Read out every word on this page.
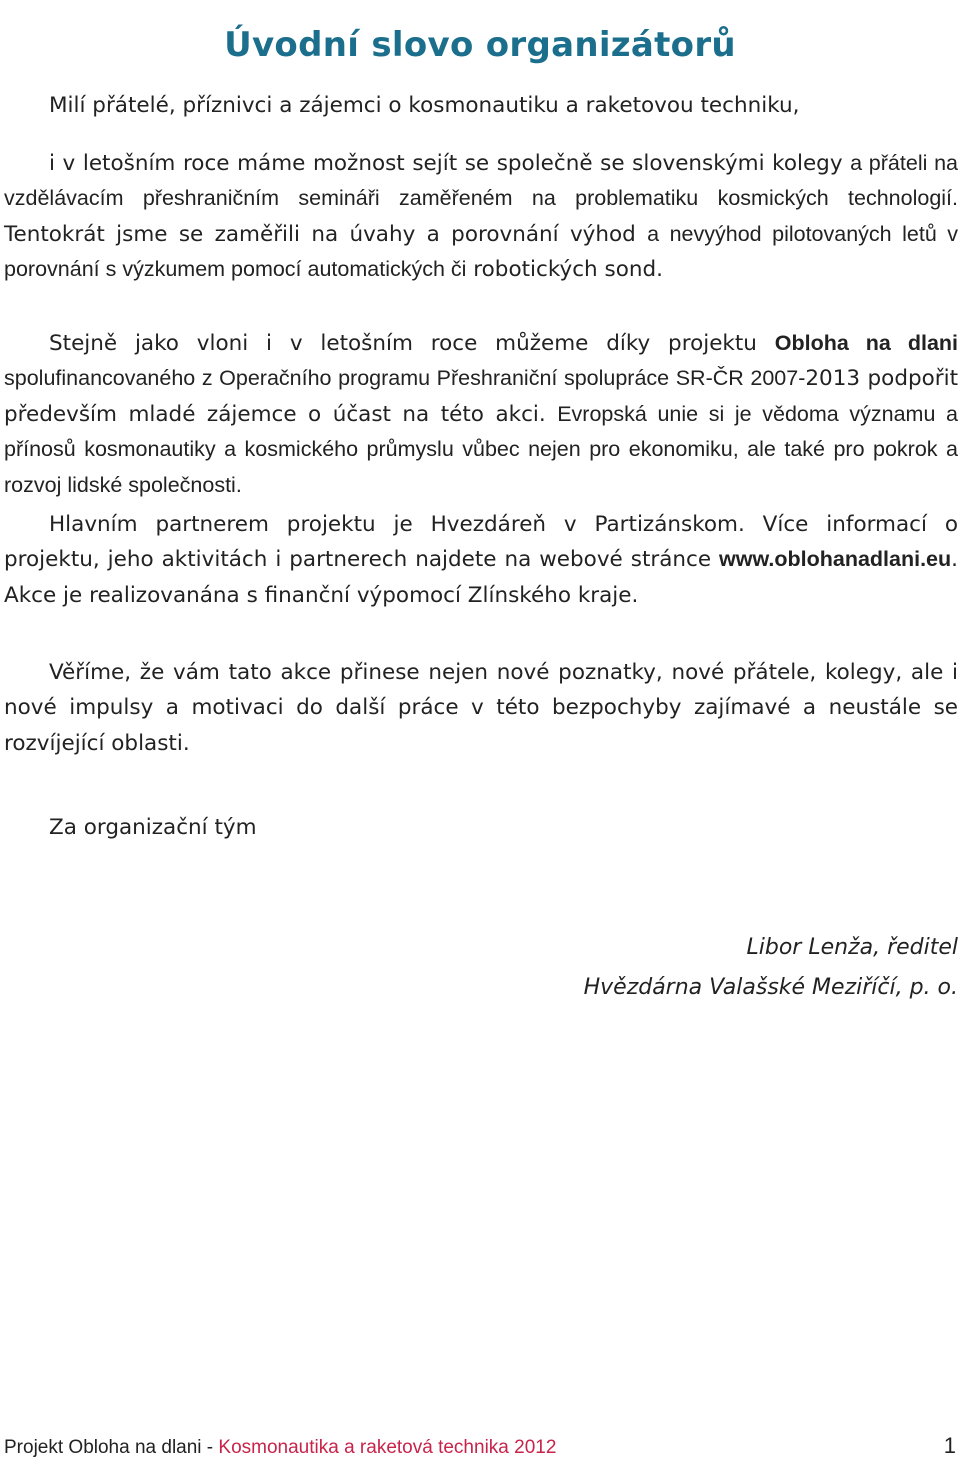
Úvodní slovo organizátorů
Milí přátelé, příznivci a zájemci o kosmonautiku a raketovou techniku,

i v letošním roce máme možnost sejít se společně se slovenskými kolegy a přáteli na vzdělávacím přeshraničním semináři zaměřeném na problematiku kosmických technologií. Tentokrát jsme se zaměřili na úvahy a porovnání výhod a nevyýhod pilotovaných letů v porovnání s výzkumem pomocí automatických či robotických sond.

Stejně jako vloni i v letošním roce můžeme díky projektu Obloha na dlani spolufinancovaného z Operačního programu Přeshraniční spolupráce SR-ČR 2007-2013 podpořit především mladé zájemce o účast na této akci. Evropská unie si je vědoma významu a přínosů kosmonautiky a kosmického průmyslu vůbec nejen pro ekonomiku, ale také pro pokrok a rozvoj lidské společnosti.

Hlavním partnerem projektu je Hvezdáreň v Partizánskom. Více informací o projektu, jeho aktivitách i partnerech najdete na webové stránce www.oblohanadlani.eu. Akce je realizovanána s finanční výpomocí Zlínského kraje.

Věříme, že vám tato akce přinese nejen nové poznatky, nové přátele, kolegy, ale i nové impulsy a motivaci do další práce v této bezpochyby zajímavé a neustále se rozvíjející oblasti.

Za organizační tým
Libor Lenža, ředitel
Hvězdárna Valašské Meziříčí, p. o.
Projekt Obloha na dlani - Kosmonautika a raketová technika 2012	1
